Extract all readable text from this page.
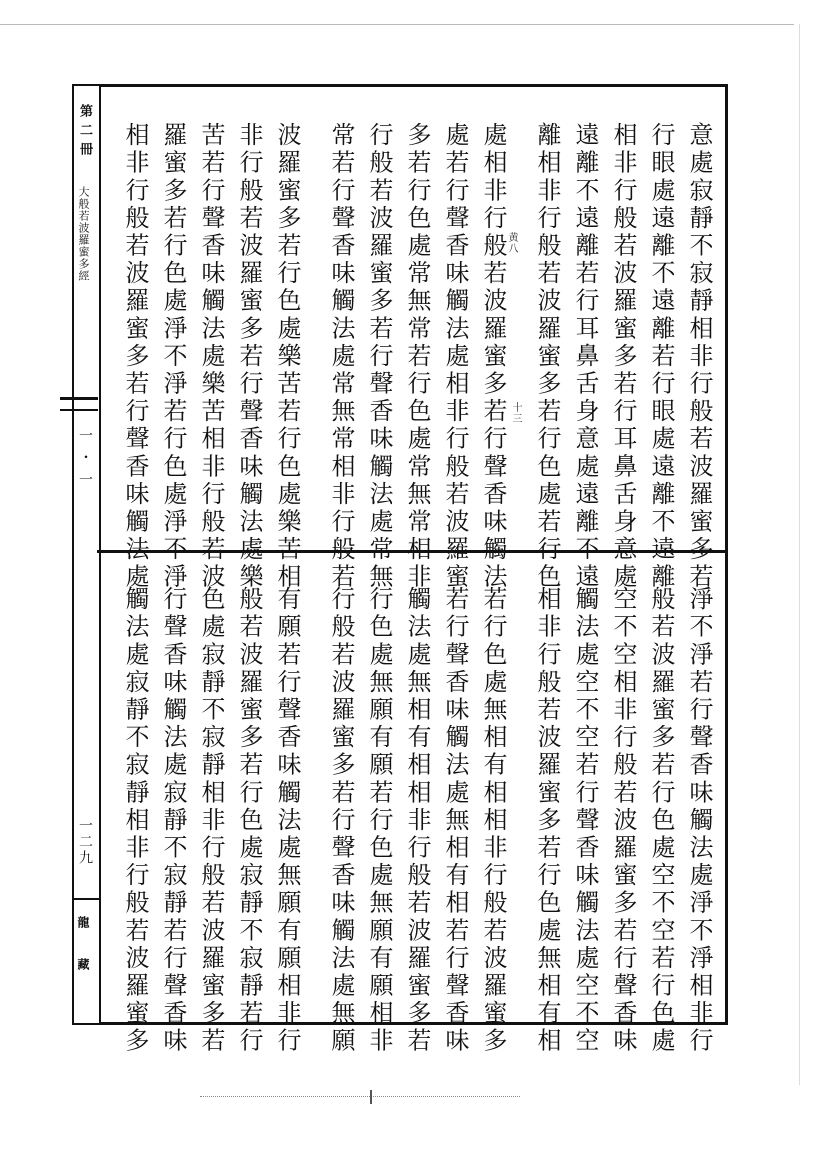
第二冊
大般若波羅蜜多經
一・一
一二九
龍藏
意處寂靜不寂靜相非行般若波羅蜜多若
行眼處遠離不遠離若行眼處遠離不遠離
相非行般若波羅蜜多若行耳鼻舌身意處
遠離不遠離若行耳鼻舌身意處遠離不遠
離相非行般若波羅蜜多若行色處若行色
處相非行般若波羅蜜多若行聲香味觸法
處若行聲香味觸法處相非行般若波羅蜜
多若行色處常無常若行色處常無常相非
行般若波羅蜜多若行聲香味觸法處常無
常若行聲香味觸法處常無常相非行般若
波羅蜜多若行色處樂苦若行色處樂苦相
非行般若波羅蜜多若行聲香味觸法處樂
苦若行聲香味觸法處樂苦相非行般若波
羅蜜多若行色處淨不淨若行色處淨不淨
相非行般若波羅蜜多若行聲香味觸法處	黄八
十三
淨不淨若行聲香味觸法處淨不淨相非行
般若波羅蜜多若行色處空不空若行色處
空不空相非行般若波羅蜜多若行聲香味
觸法處空不空若行聲香味觸法處空不空
相非行般若波羅蜜多若行色處無相有相
若行色處無相有相相非行般若波羅蜜多
若行聲香味觸法處無相有相若行聲香味
觸法處無相有相相非行般若波羅蜜多若
行色處無願有願若行色處無願有願相非
行般若波羅蜜多若行聲香味觸法處無願
有願若行聲香味觸法處無願有願相非行
般若波羅蜜多若行色處寂靜不寂靜若行
色處寂靜不寂靜相非行般若波羅蜜多若
行聲香味觸法處寂靜不寂靜若行聲香味
觸法處寂靜不寂靜相非行般若波羅蜜多
